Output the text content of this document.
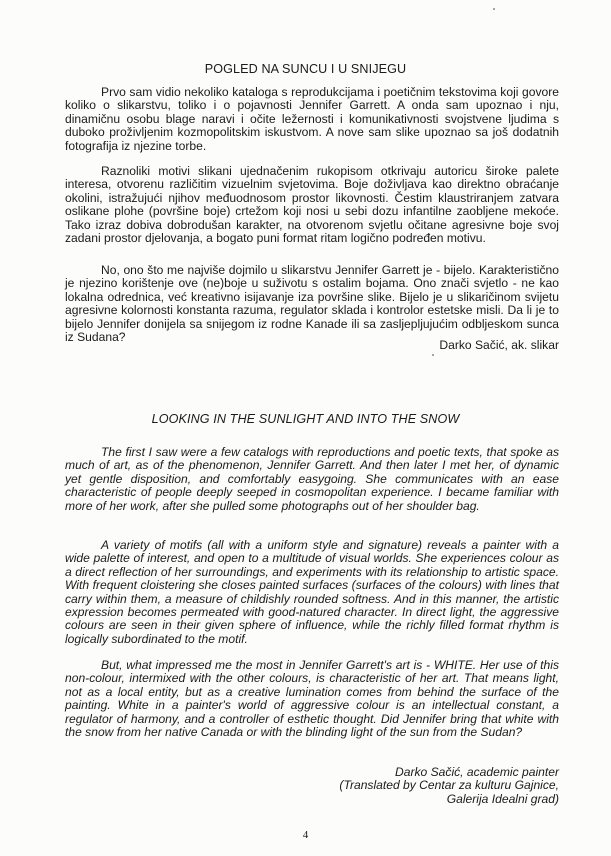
POGLED NA SUNCU I U SNIJEGU

Prvo sam vidio nekoliko kataloga s reprodukcijama i poetičnim tekstovima koji govore koliko o slikarstvu, toliko i o pojavnosti Jennifer Garrett. A onda sam upoznao i nju, dinamičnu osobu blage naravi i očite ležernosti i komunikativnosti svojstvene ljudima s duboko proživljenim kozmopolitskim iskustvom. A nove sam slike upoznao sa još dodatnih fotografija iz njezine torbe.

Raznoliki motivi slikani ujednačenim rukopisom otkrivaju autoricu široke palete interesa, otvorenu različitim vizuelnim svjetovima. Boje doživljava kao direktno obraćanje okolini, istražujući njihov međuodnosom prostor likovnosti. Čestim klaustriranjem zatvara oslikane plohe (površine boje) crtežom koji nosi u sebi dozu infantilne zaobljene mekoće. Tako izraz dobiva dobrodušan karakter, na otvorenom svjetlu očitane agresivne boje svoj zadani prostor djelovanja, a bogato puni format ritam logično podređen motivu.

No, ono što me najviše dojmilo u slikarstvu Jennifer Garrett je - bijelo. Karakteristično je njezino korištenje ove (ne)boje u suživotu s ostalim bojama. Ono znači svjetlo - ne kao lokalna odrednica, već kreativno isijavanje iza površine slike. Bijelo je u slikaričinom svijetu agresivne kolornosti konstanta razuma, regulator sklada i kontrolor estetske misli. Da li je to bijelo Jennifer donijela sa snijegom iz rodne Kanade ili sa zasljepljujućim odbljeskom sunca iz Sudana?

Darko Sačić, ak. slikar
LOOKING IN THE SUNLIGHT AND INTO THE SNOW

The first I saw were a few catalogs with reproductions and poetic texts, that spoke as much of art, as of the phenomenon, Jennifer Garrett. And then later I met her, of dynamic yet gentle disposition, and comfortably easygoing. She communicates with an ease characteristic of people deeply seeped in cosmopolitan experience. I became familiar with more of her work, after she pulled some photographs out of her shoulder bag.

A variety of motifs (all with a uniform style and signature) reveals a painter with a wide palette of interest, and open to a multitude of visual worlds. She experiences colour as a direct reflection of her surroundings, and experiments with its relationship to artistic space. With frequent cloistering she closes painted surfaces (surfaces of the colours) with lines that carry within them, a measure of childishly rounded softness. And in this manner, the artistic expression becomes permeated with good-natured character. In direct light, the aggressive colours are seen in their given sphere of influence, while the richly filled format rhythm is logically subordinated to the motif.

But, what impressed me the most in Jennifer Garrett's art is - WHITE. Her use of this non-colour, intermixed with the other colours, is characteristic of her art. That means light, not as a local entity, but as a creative lumination comes from behind the surface of the painting. White in a painter's world of aggressive colour is an intellectual constant, a regulator of harmony, and a controller of esthetic thought. Did Jennifer bring that white with the snow from her native Canada or with the blinding light of the sun from the Sudan?

Darko Sačić, academic painter
(Translated by Centar za kulturu Gajnice,
Galerija Idealni grad)
4
